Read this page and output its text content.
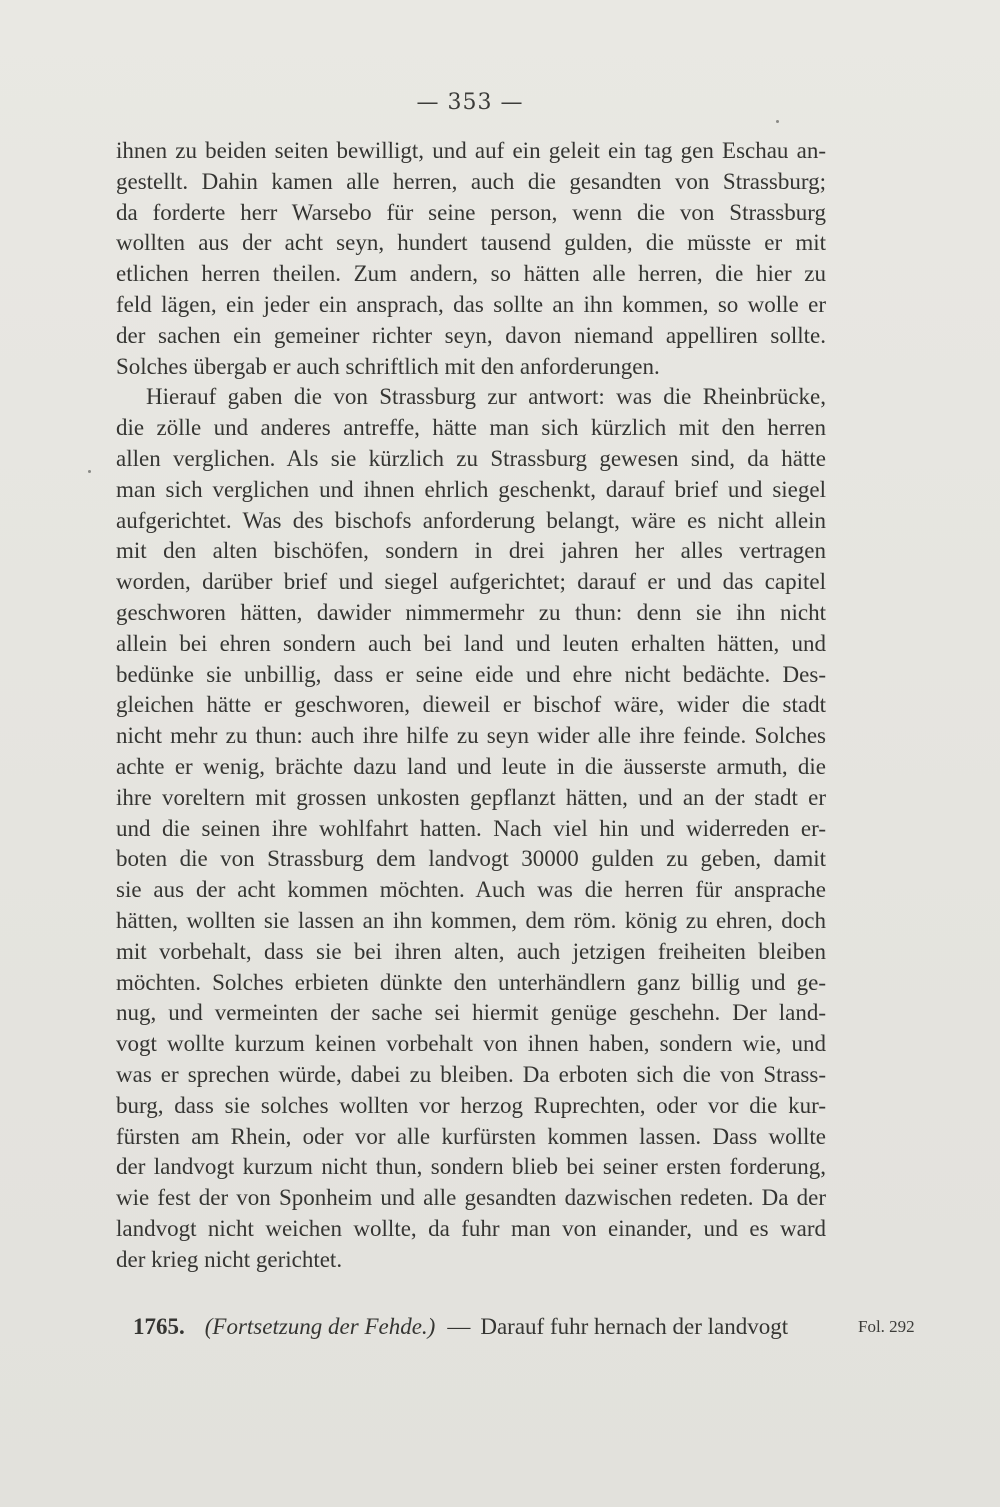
— 353 —
ihnen zu beiden seiten bewilligt, und auf ein geleit ein tag gen Eschau an-
gestellt. Dahin kamen alle herren, auch die gesandten von Strassburg;
da forderte herr Warsebo für seine person, wenn die von Strassburg
wollten aus der acht seyn, hundert tausend gulden, die müsste er mit
etlichen herren theilen. Zum andern, so hätten alle herren, die hier zu
feld lägen, ein jeder ein ansprach, das sollte an ihn kommen, so wolle er
der sachen ein gemeiner richter seyn, davon niemand appelliren sollte.
Solches übergab er auch schriftlich mit den anforderungen.
Hierauf gaben die von Strassburg zur antwort: was die Rheinbrücke,
die zölle und anderes antreffe, hätte man sich kürzlich mit den herren
allen verglichen. Als sie kürzlich zu Strassburg gewesen sind, da hätte
man sich verglichen und ihnen ehrlich geschenkt, darauf brief und siegel
aufgerichtet. Was des bischofs anforderung belangt, wäre es nicht allein
mit den alten bischöfen, sondern in drei jahren her alles vertragen
worden, darüber brief und siegel aufgerichtet; darauf er und das capitel
geschworen hätten, dawider nimmermehr zu thun: denn sie ihn nicht
allein bei ehren sondern auch bei land und leuten erhalten hätten, und
bedünke sie unbillig, dass er seine eide und ehre nicht bedächte. Des-
gleichen hätte er geschworen, dieweil er bischof wäre, wider die stadt
nicht mehr zu thun: auch ihre hilfe zu seyn wider alle ihre feinde. Solches
achte er wenig, brächte dazu land und leute in die äusserste armuth, die
ihre voreltern mit grossen unkosten gepflanzt hätten, und an der stadt er
und die seinen ihre wohlfahrt hatten. Nach viel hin und widerreden er-
boten die von Strassburg dem landvogt 30000 gulden zu geben, damit
sie aus der acht kommen möchten. Auch was die herren für ansprache
hätten, wollten sie lassen an ihn kommen, dem röm. könig zu ehren, doch
mit vorbehalt, dass sie bei ihren alten, auch jetzigen freiheiten bleiben
möchten. Solches erbieten dünkte den unterhändlern ganz billig und ge-
nug, und vermeinten der sache sei hiermit genüge geschehn. Der land-
vogt wollte kurzum keinen vorbehalt von ihnen haben, sondern wie, und
was er sprechen würde, dabei zu bleiben. Da erboten sich die von Strass-
burg, dass sie solches wollten vor herzog Ruprechten, oder vor die kur-
fürsten am Rhein, oder vor alle kurfürsten kommen lassen. Dass wollte
der landvogt kurzum nicht thun, sondern blieb bei seiner ersten forderung,
wie fest der von Sponheim und alle gesandten dazwischen redeten. Da der
landvogt nicht weichen wollte, da fuhr man von einander, und es ward
der krieg nicht gerichtet.
1765. (Fortsetzung der Fehde.) — Darauf fuhr hernach der landvogt	Fol. 292
